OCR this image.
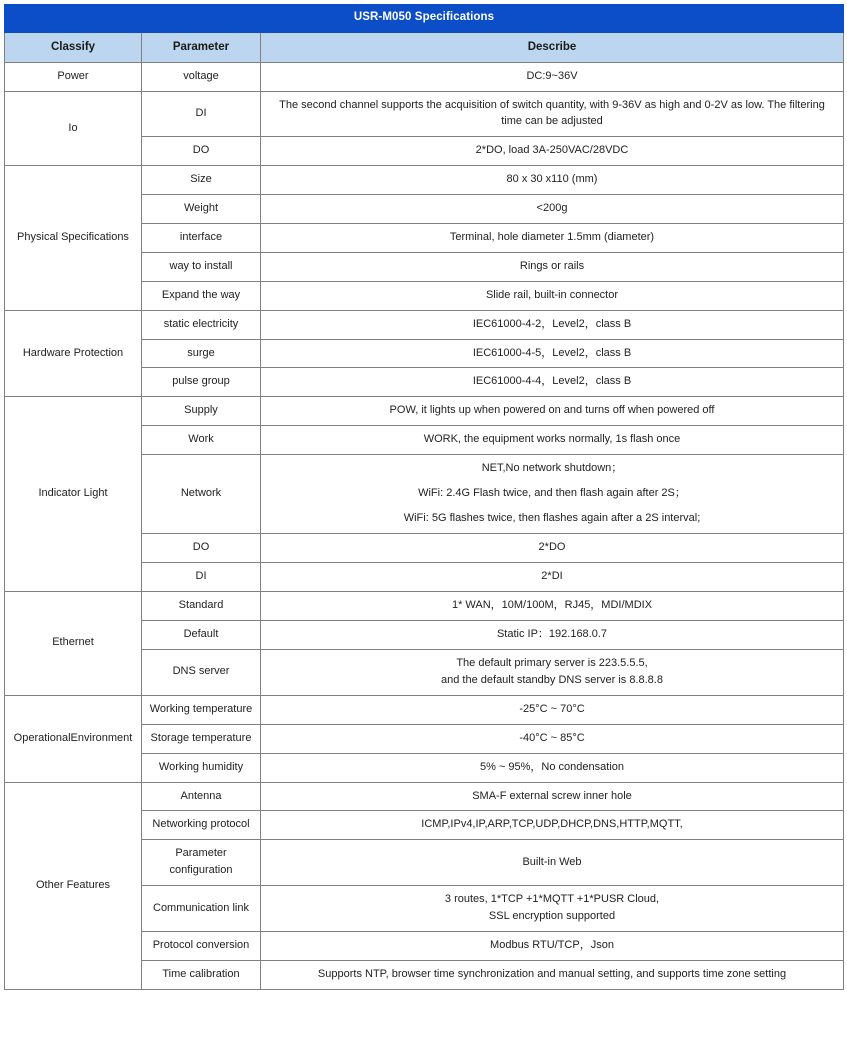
USR-M050 Specifications		
Classify	Parameter	Describe
Power	voltage	DC:9~36V

Io	DI	The second channel supports the acquisition of switch quantity, with 9-36V as high and 0-2V as low. The filtering time can be adjusted

	DO	2*DO, load 3A-250VAC/28VDC

Physical Specifications	Size	80 x 30 x110 (mm)

	Weight	<200g

	interface	Terminal, hole diameter 1.5mm (diameter)

	way to install	Rings or rails

	Expand the way	Slide rail, built-in connector

Hardware Protection	static electricity	IEC61000-4-2，Level2，class B

	surge	IEC61000-4-5，Level2，class B

	pulse group	IEC61000-4-4，Level2，class B

Indicator Light	Supply	POW, it lights up when powered on and turns off when powered off

	Work	WORK, the equipment works normally, 1s flash once

	Network	NET,No network shutdown；
WiFi: 2.4G Flash twice, and then flash again after 2S；
WiFi: 5G flashes twice, then flashes again after a 2S interval;

	DO	2*DO

	DI	2*DI

Ethernet	Standard	1* WAN，10M/100M，RJ45，MDI/MDIX

	Default	Static IP：192.168.0.7

	DNS server	The default primary server is 223.5.5.5,
and the default standby DNS server is 8.8.8.8

OperationalEnvironment	Working temperature	-25°C ~ 70°C

	Storage temperature	-40°C ~ 85°C

	Working humidity	5% ~ 95%，No condensation

Other Features	Antenna	SMA-F external screw inner hole

	Networking protocol	ICMP,IPv4,IP,ARP,TCP,UDP,DHCP,DNS,HTTP,MQTT,

	Parameter
configuration	Built-in Web

	Communication link	3 routes, 1*TCP +1*MQTT +1*PUSR Cloud,
SSL encryption supported

	Protocol conversion	Modbus RTU/TCP，Json

	Time calibration	Supports NTP, browser time synchronization and manual setting, and supports time zone setting
